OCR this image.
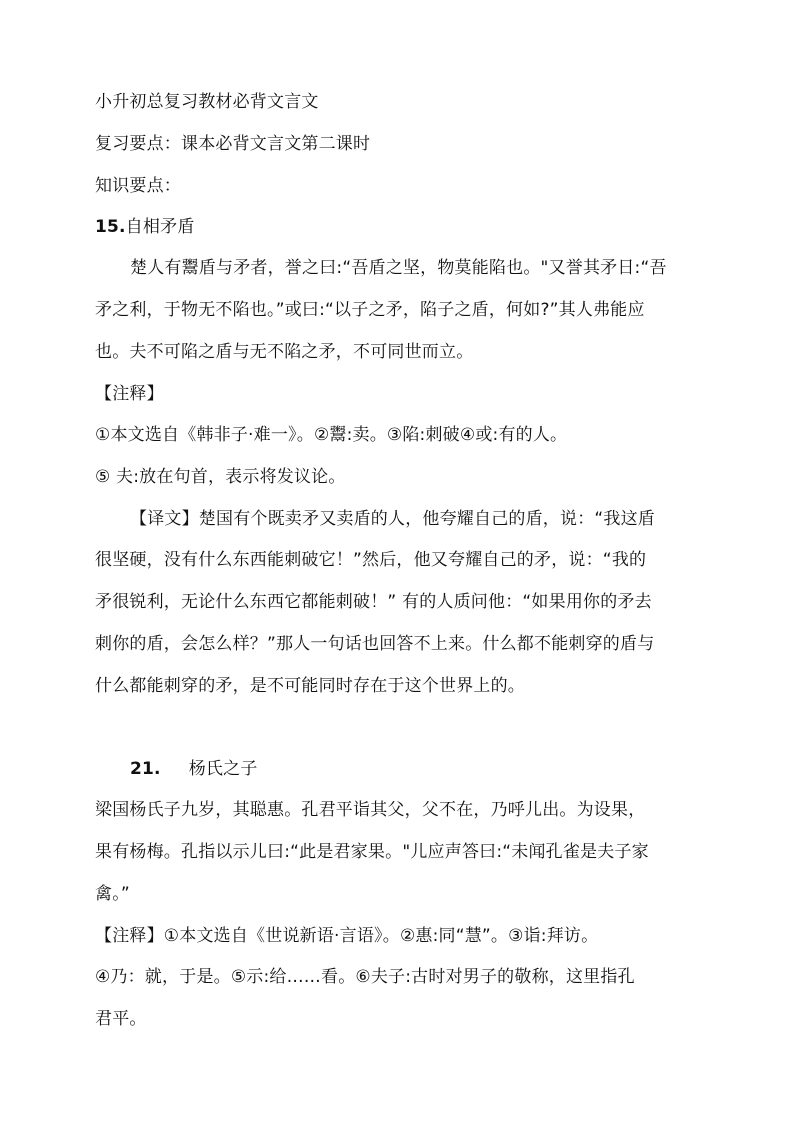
小升初总复习教材必背文言文
复习要点：课本必背文言文第二课时
知识要点：
15.自相矛盾
楚人有鬻盾与矛者，誉之曰:“吾盾之坚，物莫能陷也。"又誉其矛日:“吾
矛之利，于物无不陷也。”或曰:“以子之矛，陷子之盾，何如?”其人弗能应
也。夫不可陷之盾与无不陷之矛，不可同世而立。
【注释】
①本文选自《韩非子·难一》。②鬻:卖。③陷:刺破④或:有的人。
⑤ 夫:放在句首，表示将发议论。
【译文】楚国有个既卖矛又卖盾的人，他夸耀自己的盾，说：“我这盾
很坚硬，没有什么东西能刺破它！”然后，他又夸耀自己的矛，说：“我的
矛很锐利，无论什么东西它都能刺破！” 有的人质问他：“如果用你的矛去
刺你的盾，会怎么样？”那人一句话也回答不上来。什么都不能刺穿的盾与
什么都能刺穿的矛，是不可能同时存在于这个世界上的。
21. 杨氏之子
梁国杨氏子九岁，其聪惠。孔君平诣其父，父不在，乃呼儿出。为设果，
果有杨梅。孔指以示儿曰:“此是君家果。"儿应声答曰:“未闻孔雀是夫子家
禽。”
【注释】①本文选自《世说新语·言语》。②惠:同“慧”。③诣:拜访。
④乃：就，于是。⑤示:给……看。⑥夫子:古时对男子的敬称，这里指孔
君平。
